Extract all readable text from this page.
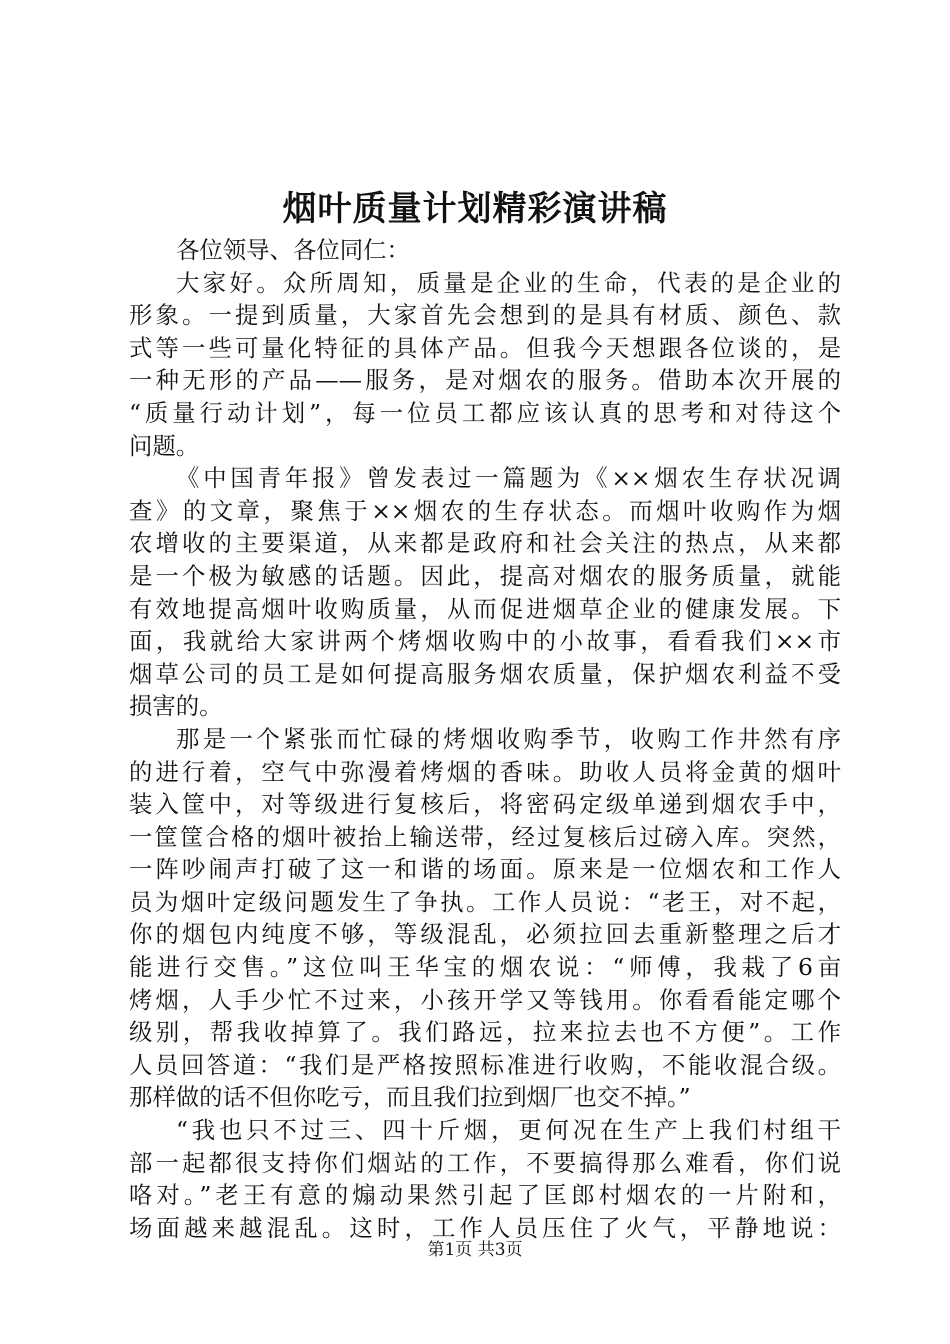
烟叶质量计划精彩演讲稿
各位领导、各位同仁：
大家好。众所周知，质量是企业的生命，代表的是企业的
形象。一提到质量，大家首先会想到的是具有材质、颜色、款
式等一些可量化特征的具体产品。但我今天想跟各位谈的，是
一种无形的产品——服务，是对烟农的服务。借助本次开展的
“质量行动计划”，每一位员工都应该认真的思考和对待这个
问题。
《中国青年报》曾发表过一篇题为《××烟农生存状况调
查》的文章，聚焦于××烟农的生存状态。而烟叶收购作为烟
农增收的主要渠道，从来都是政府和社会关注的热点，从来都
是一个极为敏感的话题。因此，提高对烟农的服务质量，就能
有效地提高烟叶收购质量，从而促进烟草企业的健康发展。下
面，我就给大家讲两个烤烟收购中的小故事，看看我们××市
烟草公司的员工是如何提高服务烟农质量，保护烟农利益不受
损害的。
那是一个紧张而忙碌的烤烟收购季节，收购工作井然有序
的进行着，空气中弥漫着烤烟的香味。助收人员将金黄的烟叶
装入筐中，对等级进行复核后，将密码定级单递到烟农手中，
一筐筐合格的烟叶被抬上输送带，经过复核后过磅入库。突然，
一阵吵闹声打破了这一和谐的场面。原来是一位烟农和工作人
员为烟叶定级问题发生了争执。工作人员说：“老王，对不起，
你的烟包内纯度不够，等级混乱，必须拉回去重新整理之后才
能进行交售。”这位叫王华宝的烟农说：“师傅，我栽了6亩
烤烟，人手少忙不过来，小孩开学又等钱用。你看看能定哪个
级别，帮我收掉算了。我们路远，拉来拉去也不方便”。工作
人员回答道：“我们是严格按照标准进行收购，不能收混合级。
那样做的话不但你吃亏，而且我们拉到烟厂也交不掉。”
“我也只不过三、四十斤烟，更何况在生产上我们村组干
部一起都很支持你们烟站的工作，不要搞得那么难看，你们说
咯对。”老王有意的煽动果然引起了匡郎村烟农的一片附和，
场面越来越混乱。这时，工作人员压住了火气，平静地说：
第1页 共3页
